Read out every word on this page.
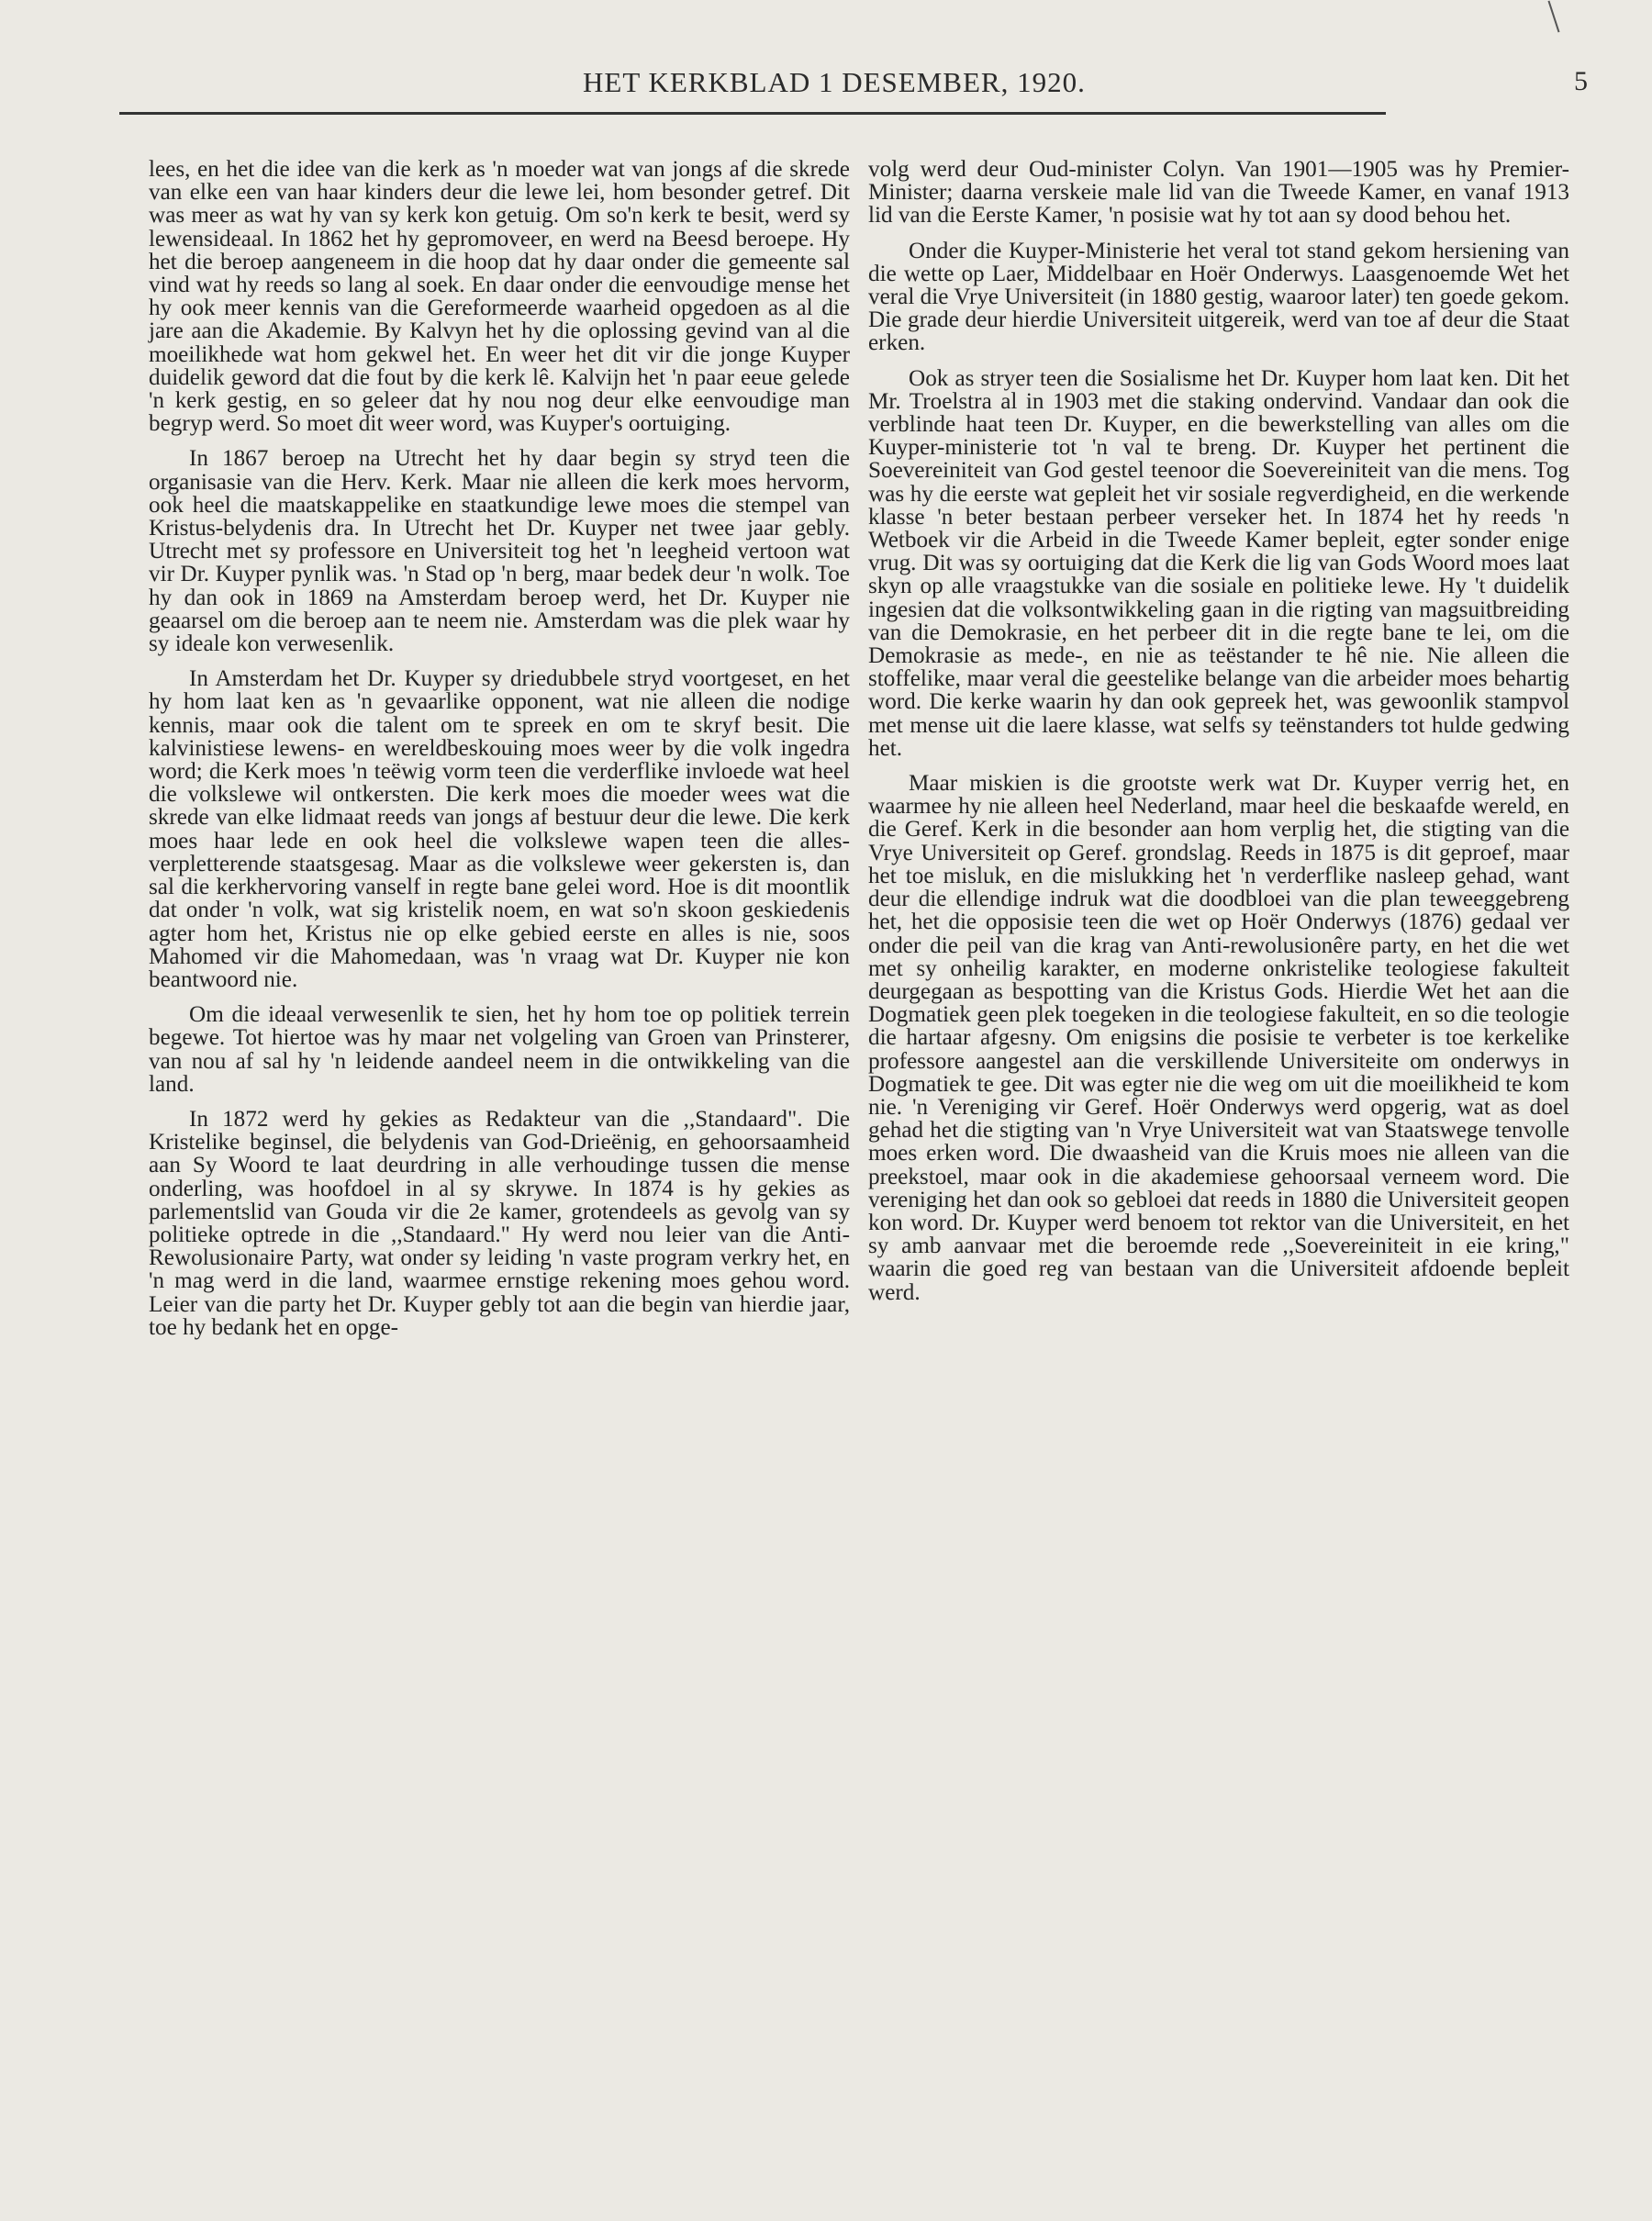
HET KERKBLAD 1 DESEMBER, 1920.	5

lees, en het die idee van die kerk as 'n moeder wat van jongs af die skrede van elke een van haar kinders deur die lewe lei, hom besonder getref. Dit was meer as wat hy van sy kerk kon getuig. Om so'n kerk te besit, werd sy lewensideaal. In 1862 het hy gepromoveer, en werd na Beesd beroepe. Hy het die beroep aangeneem in die hoop dat hy daar onder die gemeente sal vind wat hy reeds so lang al soek. En daar onder die eenvoudige mense het hy ook meer kennis van die Gereformeerde waarheid opgedoen as al die jare aan die Akademie. By Kalvyn het hy die oplossing gevind van al die moeilikhede wat hom gekwel het. En weer het dit vir die jonge Kuyper duidelik geword dat die fout by die kerk lê. Kalvijn het 'n paar eeue gelede 'n kerk gestig, en so geleer dat hy nou nog deur elke eenvoudige man begryp werd. So moet dit weer word, was Kuyper's oortuiging.

In 1867 beroep na Utrecht het hy daar begin sy stryd teen die organisasie van die Herv. Kerk. Maar nie alleen die kerk moes hervorm, ook heel die maatskappelike en staatkundige lewe moes die stempel van Kristus-belydenis dra. In Utrecht het Dr. Kuyper net twee jaar gebly. Utrecht met sy professore en Universiteit tog het 'n leegheid vertoon wat vir Dr. Kuyper pynlik was. 'n Stad op 'n berg, maar bedek deur 'n wolk. Toe hy dan ook in 1869 na Amsterdam beroep werd, het Dr. Kuyper nie geaarsel om die beroep aan te neem nie. Amsterdam was die plek waar hy sy ideale kon verwesenlik.

In Amsterdam het Dr. Kuyper sy driedubbele stryd voortgeset, en het hy hom laat ken as 'n gevaarlike opponent, wat nie alleen die nodige kennis, maar ook die talent om te spreek en om te skryf besit. Die kalvinistiese lewens- en wereldbeskouing moes weer by die volk ingedra word; die Kerk moes 'n teëwig vorm teen die verderflike invloede wat heel die volkslewe wil ontkersten. Die kerk moes die moeder wees wat die skrede van elke lidmaat reeds van jongs af bestuur deur die lewe. Die kerk moes haar lede en ook heel die volkslewe wapen teen die alles-verpletterende staatsgesag. Maar as die volkslewe weer gekersten is, dan sal die kerkhervoring vanself in regte bane gelei word. Hoe is dit moontlik dat onder 'n volk, wat sig kristelik noem, en wat so'n skoon geskiedenis agter hom het, Kristus nie op elke gebied eerste en alles is nie, soos Mahomed vir die Mahomedaan, was 'n vraag wat Dr. Kuyper nie kon beantwoord nie.

Om die ideaal verwesenlik te sien, het hy hom toe op politiek terrein begewe. Tot hiertoe was hy maar net volgeling van Groen van Prinsterer, van nou af sal hy 'n leidende aandeel neem in die ontwikkeling van die land.

In 1872 werd hy gekies as Redakteur van die ,,Standaard". Die Kristelike beginsel, die belydenis van God-Drieënig, en gehoorsaamheid aan Sy Woord te laat deurdring in alle verhoudinge tussen die mense onderling, was hoofdoel in al sy skrywe. In 1874 is hy gekies as parlementslid van Gouda vir die 2e kamer, grotendeels as gevolg van sy politieke optrede in die ,,Standaard." Hy werd nou leier van die Anti-Rewolusionaire Party, wat onder sy leiding 'n vaste program verkry het, en 'n mag werd in die land, waarmee ernstige rekening moes gehou word. Leier van die party het Dr. Kuyper gebly tot aan die begin van hierdie jaar, toe hy bedank het en opge-

volg werd deur Oud-minister Colyn. Van 1901—1905 was hy Premier-Minister; daarna verskeie male lid van die Tweede Kamer, en vanaf 1913 lid van die Eerste Kamer, 'n posisie wat hy tot aan sy dood behou het.

Onder die Kuyper-Ministerie het veral tot stand gekom hersiening van die wette op Laer, Middelbaar en Hoër Onderwys. Laasgenoemde Wet het veral die Vrye Universiteit (in 1880 gestig, waaroor later) ten goede gekom. Die grade deur hierdie Universiteit uitgereik, werd van toe af deur die Staat erken.

Ook as stryer teen die Sosialisme het Dr. Kuyper hom laat ken. Dit het Mr. Troelstra al in 1903 met die staking ondervind. Vandaar dan ook die verblinde haat teen Dr. Kuyper, en die bewerkstelling van alles om die Kuyper-ministerie tot 'n val te breng. Dr. Kuyper het pertinent die Soevereiniteit van God gestel teenoor die Soevereiniteit van die mens. Tog was hy die eerste wat gepleit het vir sosiale regverdigheid, en die werkende klasse 'n beter bestaan perbeer verseker het. In 1874 het hy reeds 'n Wetboek vir die Arbeid in die Tweede Kamer bepleit, egter sonder enige vrug. Dit was sy oortuiging dat die Kerk die lig van Gods Woord moes laat skyn op alle vraagstukke van die sosiale en politieke lewe. Hy 't duidelik ingesien dat die volksontwikkeling gaan in die rigting van magsuitbreiding van die Demokrasie, en het perbeer dit in die regte bane te lei, om die Demokrasie as mede-, en nie as teëstander te hê nie. Nie alleen die stoffelike, maar veral die geestelike belange van die arbeider moes behartig word. Die kerke waarin hy dan ook gepreek het, was gewoonlik stampvol met mense uit die laere klasse, wat selfs sy teënstanders tot hulde gedwing het.

Maar miskien is die grootste werk wat Dr. Kuyper verrig het, en waarmee hy nie alleen heel Nederland, maar heel die beskaafde wereld, en die Geref. Kerk in die besonder aan hom verplig het, die stigting van die Vrye Universiteit op Geref. grondslag. Reeds in 1875 is dit geproef, maar het toe misluk, en die mislukking het 'n verderflike nasleep gehad, want deur die ellendige indruk wat die doodbloei van die plan teweeggebreng het, het die opposisie teen die wet op Hoër Onderwys (1876) gedaal ver onder die peil van die krag van Anti-rewolusionêre party, en het die wet met sy onheilig karakter, en moderne onkristelike teologiese fakulteit deurgegaan as bespotting van die Kristus Gods. Hierdie Wet het aan die Dogmatiek geen plek toegeken in die teologiese fakulteit, en so die teologie die hartaar afgesny. Om enigsins die posisie te verbeter is toe kerkelike professore aangestel aan die verskillende Universiteite om onderwys in Dogmatiek te gee. Dit was egter nie die weg om uit die moeilikheid te kom nie. 'n Vereniging vir Geref. Hoër Onderwys werd opgerig, wat as doel gehad het die stigting van 'n Vrye Universiteit wat van Staatswege tenvolle moes erken word. Die dwaasheid van die Kruis moes nie alleen van die preekstoel, maar ook in die akademiese gehoorsaal verneem word. Die vereniging het dan ook so gebloei dat reeds in 1880 die Universiteit geopen kon word. Dr. Kuyper werd benoem tot rektor van die Universiteit, en het sy amb aanvaar met die beroemde rede ,,Soevereiniteit in eie kring," waarin die goed reg van bestaan van die Universiteit afdoende bepleit werd.
